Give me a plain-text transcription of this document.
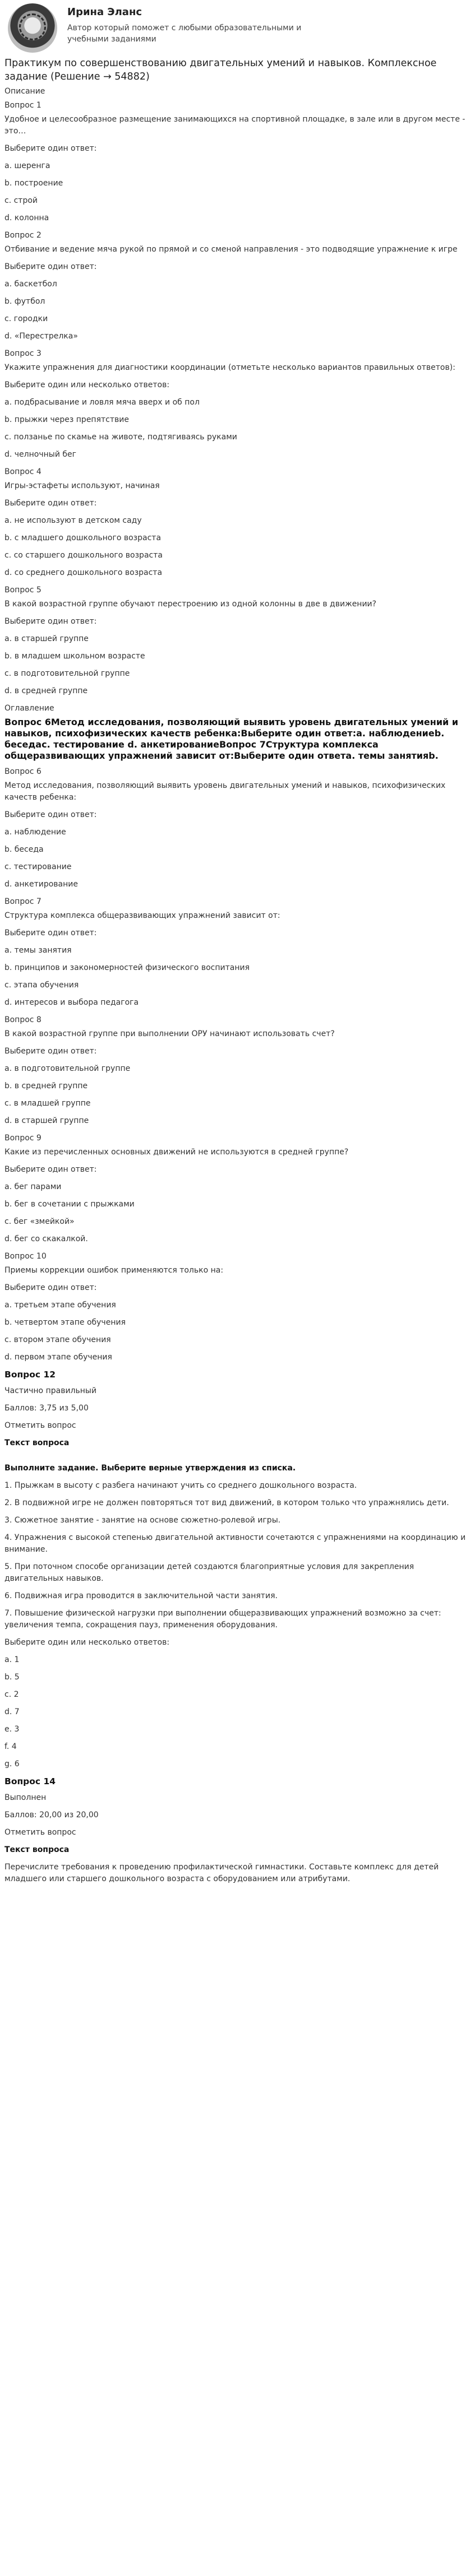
Ирина Эланс
Автор который поможет с любыми образовательными и учебными заданиями
Практикум по совершенствованию двигательных умений и навыков. Комплексное задание (Решение → 54882)
Описание
Вопрос 1
Удобное и целесообразное размещение занимающихся на спортивной площадке, в зале или в другом месте - это…
Выберите один ответ:
a. шеренга
b. построение
c. строй
d. колонна
Вопрос 2
Отбивание и ведение мяча рукой по прямой и со сменой направления - это подводящие упражнение к игре
Выберите один ответ:
a. баскетбол
b. футбол
c. городки
d. «Перестрелка»
Вопрос 3
Укажите упражнения для диагностики координации (отметьте несколько вариантов правильных ответов):
Выберите один или несколько ответов:
a. подбрасывание и ловля мяча вверх и об пол
b. прыжки через препятствие
c. ползанье по скамье на животе, подтягиваясь руками
d. челночный бег
Вопрос 4
Игры-эстафеты используют, начиная
Выберите один ответ:
a. не используют в детском саду
b. с младшего дошкольного возраста
c. со старшего дошкольного возраста
d. со среднего дошкольного возраста
Вопрос 5
В какой возрастной группе обучают перестроению из одной колонны в две в движении?
Выберите один ответ:
a. в старшей группе
b. в младшем школьном возрасте
c. в подготовительной группе
d. в средней группе
Оглавление
Вопрос 6Метод исследования, позволяющий выявить уровень двигательных умений и навыков, психофизических качеств ребенка:Выберите один ответ:a. наблюдениеb. беседаc. тестированиe d. анкетированиеВопрос 7Структура комплекса общеразвивающих упражнений зависит от:Выберите один ответа. темы занятияb.
Вопрос 6
Метод исследования, позволяющий выявить уровень двигательных умений и навыков, психофизических качеств ребенка:
Выберите один ответ:
a. наблюдение
b. беседа
c. тестирование
d. анкетирование
Вопрос 7
Структура комплекса общеразвивающих упражнений зависит от:
Выберите один ответ:
а. темы занятия
b. принципов и закономерностей физического воспитания
c. этапа обучения
d. интересов и выбора педагога
Вопрос 8
В какой возрастной группе при выполнении ОРУ начинают использовать счет?
Выберите один ответ:
a. в подготовительной группе
b. в средней группе
c. в младшей группе
d. в старшей группе
Вопрос 9
Какие из перечисленных основных движений не используются в средней группе?
Выберите один ответ:
a. бег парами
b. бег в сочетании с прыжками
c. бег «змейкой»
d. бег со скакалкой.
Вопрос 10
Приемы коррекции ошибок применяются только на:
Выберите один ответ:
a. третьем этапе обучения
b. четвертом этапе обучения
c. втором этапе обучения
d. первом этапе обучения
Вопрос 12
Частично правильный
Баллов: 3,75 из 5,00
Отметить вопрос
Текст вопроса
Выполните задание. Выберите верные утверждения из списка.
1. Прыжкам в высоту с разбега начинают учить со среднего дошкольного возраста.
2. В подвижной игре не должен повторяться тот вид движений, в котором только что упражнялись дети.
3. Сюжетное занятие - занятие на основе сюжетно-ролевой игры.
4. Упражнения с высокой степенью двигательной активности сочетаются с упражнениями на координацию и внимание.
5. При поточном способе организации детей создаются благоприятные условия для закрепления двигательных навыков.
6. Подвижная игра проводится в заключительной части занятия.
7. Повышение физической нагрузки при выполнении общеразвивающих упражнений возможно за счет: увеличения темпа, сокращения пауз, применения оборудования.
Выберите один или несколько ответов:
a. 1
b. 5
c. 2
d. 7
e. 3
f. 4
g. 6
Вопрос 14
Выполнен
Баллов: 20,00 из 20,00
Отметить вопрос
Текст вопроса
Перечислите требования к проведению профилактической гимнастики. Составьте комплекс для детей младшего или старшего дошкольного возраста с оборудованием или атрибутами.
